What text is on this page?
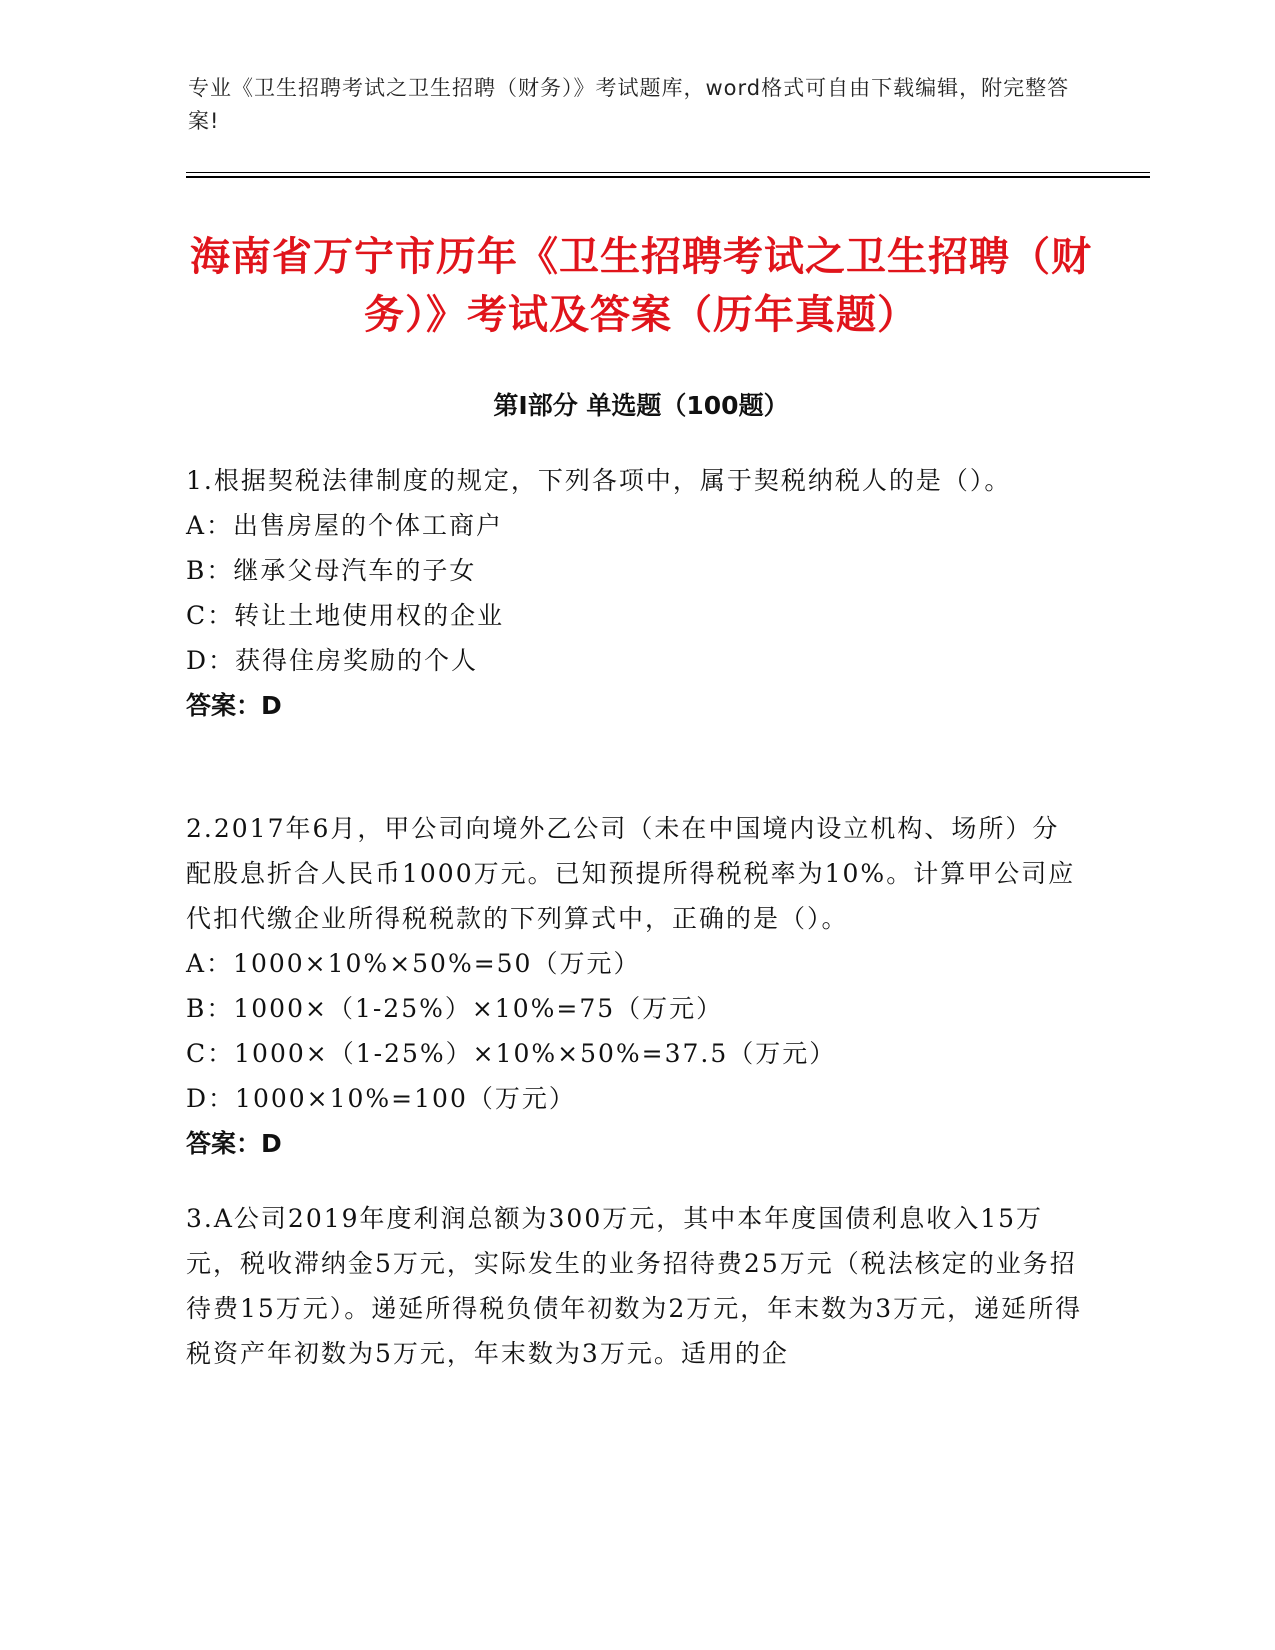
专业《卫生招聘考试之卫生招聘（财务）》考试题库，word格式可自由下载编辑，附完整答案!
海南省万宁市历年《卫生招聘考试之卫生招聘（财务）》考试及答案（历年真题）
第Ⅰ部分 单选题（100题）

1.根据契税法律制度的规定，下列各项中，属于契税纳税人的是（）。

A：出售房屋的个体工商户

B：继承父母汽车的子女

C：转让土地使用权的企业

D：获得住房奖励的个人

答案：D

2.2017年6月，甲公司向境外乙公司（未在中国境内设立机构、场所）分配股息折合人民币1000万元。已知预提所得税税率为10%。计算甲公司应代扣代缴企业所得税税款的下列算式中，正确的是（）。

A：1000×10%×50%=50（万元）

B：1000×（1-25%）×10%=75（万元）

C：1000×（1-25%）×10%×50%=37.5（万元）

D：1000×10%=100（万元）

答案：D

3.A公司2019年度利润总额为300万元，其中本年度国债利息收入15万元，税收滞纳金5万元，实际发生的业务招待费25万元（税法核定的业务招待费15万元）。递延所得税负债年初数为2万元，年末数为3万元，递延所得税资产年初数为5万元，年末数为3万元。适用的企
